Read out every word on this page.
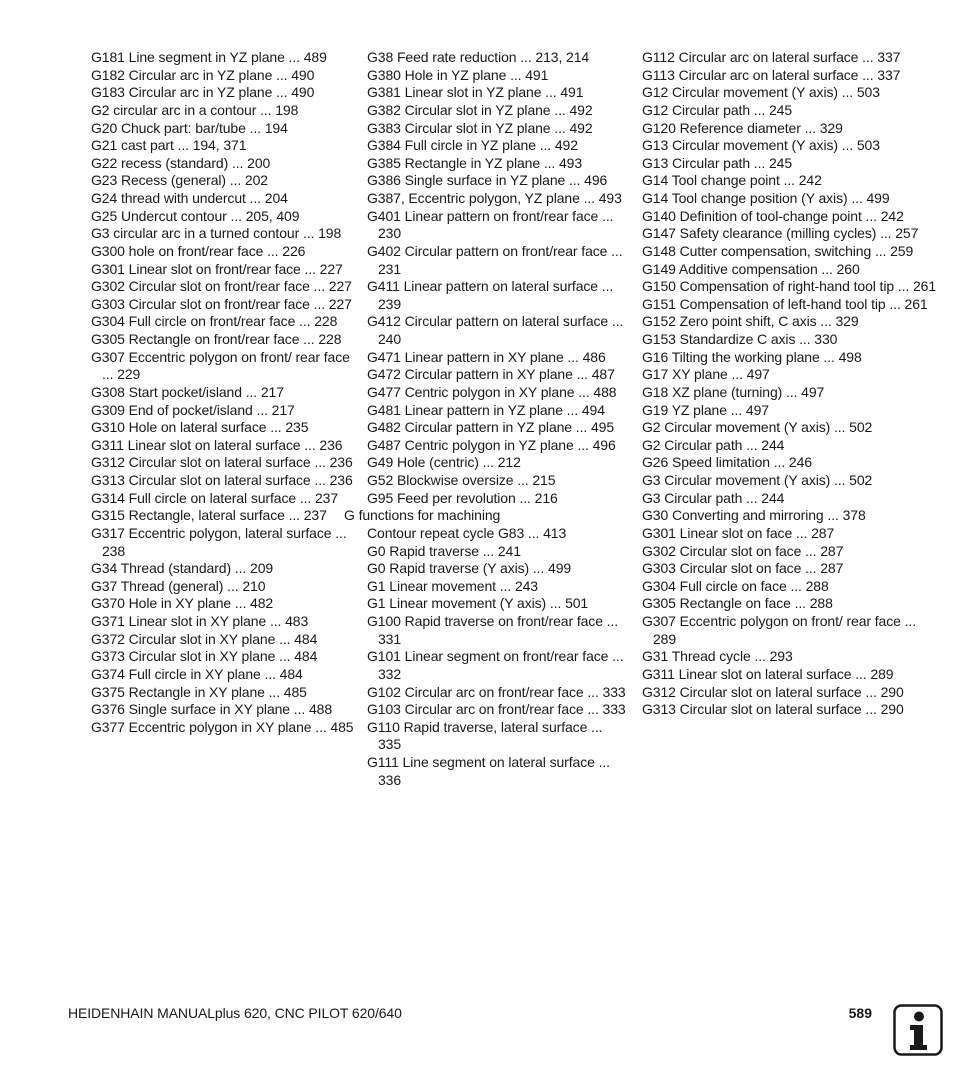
G181 Line segment in YZ plane ... 489
G182 Circular arc in YZ plane ... 490
G183 Circular arc in YZ plane ... 490
G2 circular arc in a contour ... 198
G20 Chuck part: bar/tube ... 194
G21 cast part ... 194, 371
G22 recess (standard) ... 200
G23 Recess (general) ... 202
G24 thread with undercut ... 204
G25 Undercut contour ... 205, 409
G3 circular arc in a turned contour ... 198
G300 hole on front/rear face ... 226
G301 Linear slot on front/rear face ... 227
G302 Circular slot on front/rear face ... 227
G303 Circular slot on front/rear face ... 227
G304 Full circle on front/rear face ... 228
G305 Rectangle on front/rear face ... 228
G307 Eccentric polygon on front/ rear face ... 229
G308 Start pocket/island ... 217
G309 End of pocket/island ... 217
G310 Hole on lateral surface ... 235
G311 Linear slot on lateral surface ... 236
G312 Circular slot on lateral surface ... 236
G313 Circular slot on lateral surface ... 236
G314 Full circle on lateral surface ... 237
G315 Rectangle, lateral surface ... 237
G317 Eccentric polygon, lateral surface ... 238
G34 Thread (standard) ... 209
G37 Thread (general) ... 210
G370 Hole in XY plane ... 482
G371 Linear slot in XY plane ... 483
G372 Circular slot in XY plane ... 484
G373 Circular slot in XY plane ... 484
G374 Full circle in XY plane ... 484
G375 Rectangle in XY plane ... 485
G376 Single surface in XY plane ... 488
G377 Eccentric polygon in XY plane ... 485
G38 Feed rate reduction ... 213, 214
G380 Hole in YZ plane ... 491
G381 Linear slot in YZ plane ... 491
G382 Circular slot in YZ plane ... 492
G383 Circular slot in YZ plane ... 492
G384 Full circle in YZ plane ... 492
G385 Rectangle in YZ plane ... 493
G386 Single surface in YZ plane ... 496
G387, Eccentric polygon, YZ plane ... 493
G401 Linear pattern on front/rear face ... 230
G402 Circular pattern on front/rear face ... 231
G411 Linear pattern on lateral surface ... 239
G412 Circular pattern on lateral surface ... 240
G471 Linear pattern in XY plane ... 486
G472 Circular pattern in XY plane ... 487
G477 Centric polygon in XY plane ... 488
G481 Linear pattern in YZ plane ... 494
G482 Circular pattern in YZ plane ... 495
G487 Centric polygon in YZ plane ... 496
G49 Hole (centric) ... 212
G52 Blockwise oversize ... 215
G95 Feed per revolution ... 216
G functions for machining
Contour repeat cycle G83 ... 413
G0 Rapid traverse ... 241
G0 Rapid traverse (Y axis) ... 499
G1 Linear movement ... 243
G1 Linear movement (Y axis) ... 501
G100 Rapid traverse on front/rear face ... 331
G101 Linear segment on front/rear face ... 332
G102 Circular arc on front/rear face ... 333
G103 Circular arc on front/rear face ... 333
G110 Rapid traverse, lateral surface ... 335
G111 Line segment on lateral surface ... 336
G112 Circular arc on lateral surface ... 337
G113 Circular arc on lateral surface ... 337
G12 Circular movement (Y axis) ... 503
G12 Circular path ... 245
G120 Reference diameter ... 329
G13 Circular movement (Y axis) ... 503
G13 Circular path ... 245
G14 Tool change point ... 242
G14 Tool change position (Y axis) ... 499
G140 Definition of tool-change point ... 242
G147 Safety clearance (milling cycles) ... 257
G148 Cutter compensation, switching ... 259
G149 Additive compensation ... 260
G150 Compensation of right-hand tool tip ... 261
G151 Compensation of left-hand tool tip ... 261
G152 Zero point shift, C axis ... 329
G153 Standardize C axis ... 330
G16 Tilting the working plane ... 498
G17 XY plane ... 497
G18 XZ plane (turning) ... 497
G19 YZ plane ... 497
G2 Circular movement (Y axis) ... 502
G2 Circular path ... 244
G26 Speed limitation ... 246
G3 Circular movement (Y axis) ... 502
G3 Circular path ... 244
G30 Converting and mirroring ... 378
G301 Linear slot on face ... 287
G302 Circular slot on face ... 287
G303 Circular slot on face ... 287
G304 Full circle on face ... 288
G305 Rectangle on face ... 288
G307 Eccentric polygon on front/ rear face ... 289
G31 Thread cycle ... 293
G311 Linear slot on lateral surface ... 289
G312 Circular slot on lateral surface ... 290
G313 Circular slot on lateral surface ... 290
HEIDENHAIN MANUALplus 620, CNC PILOT 620/640	589
